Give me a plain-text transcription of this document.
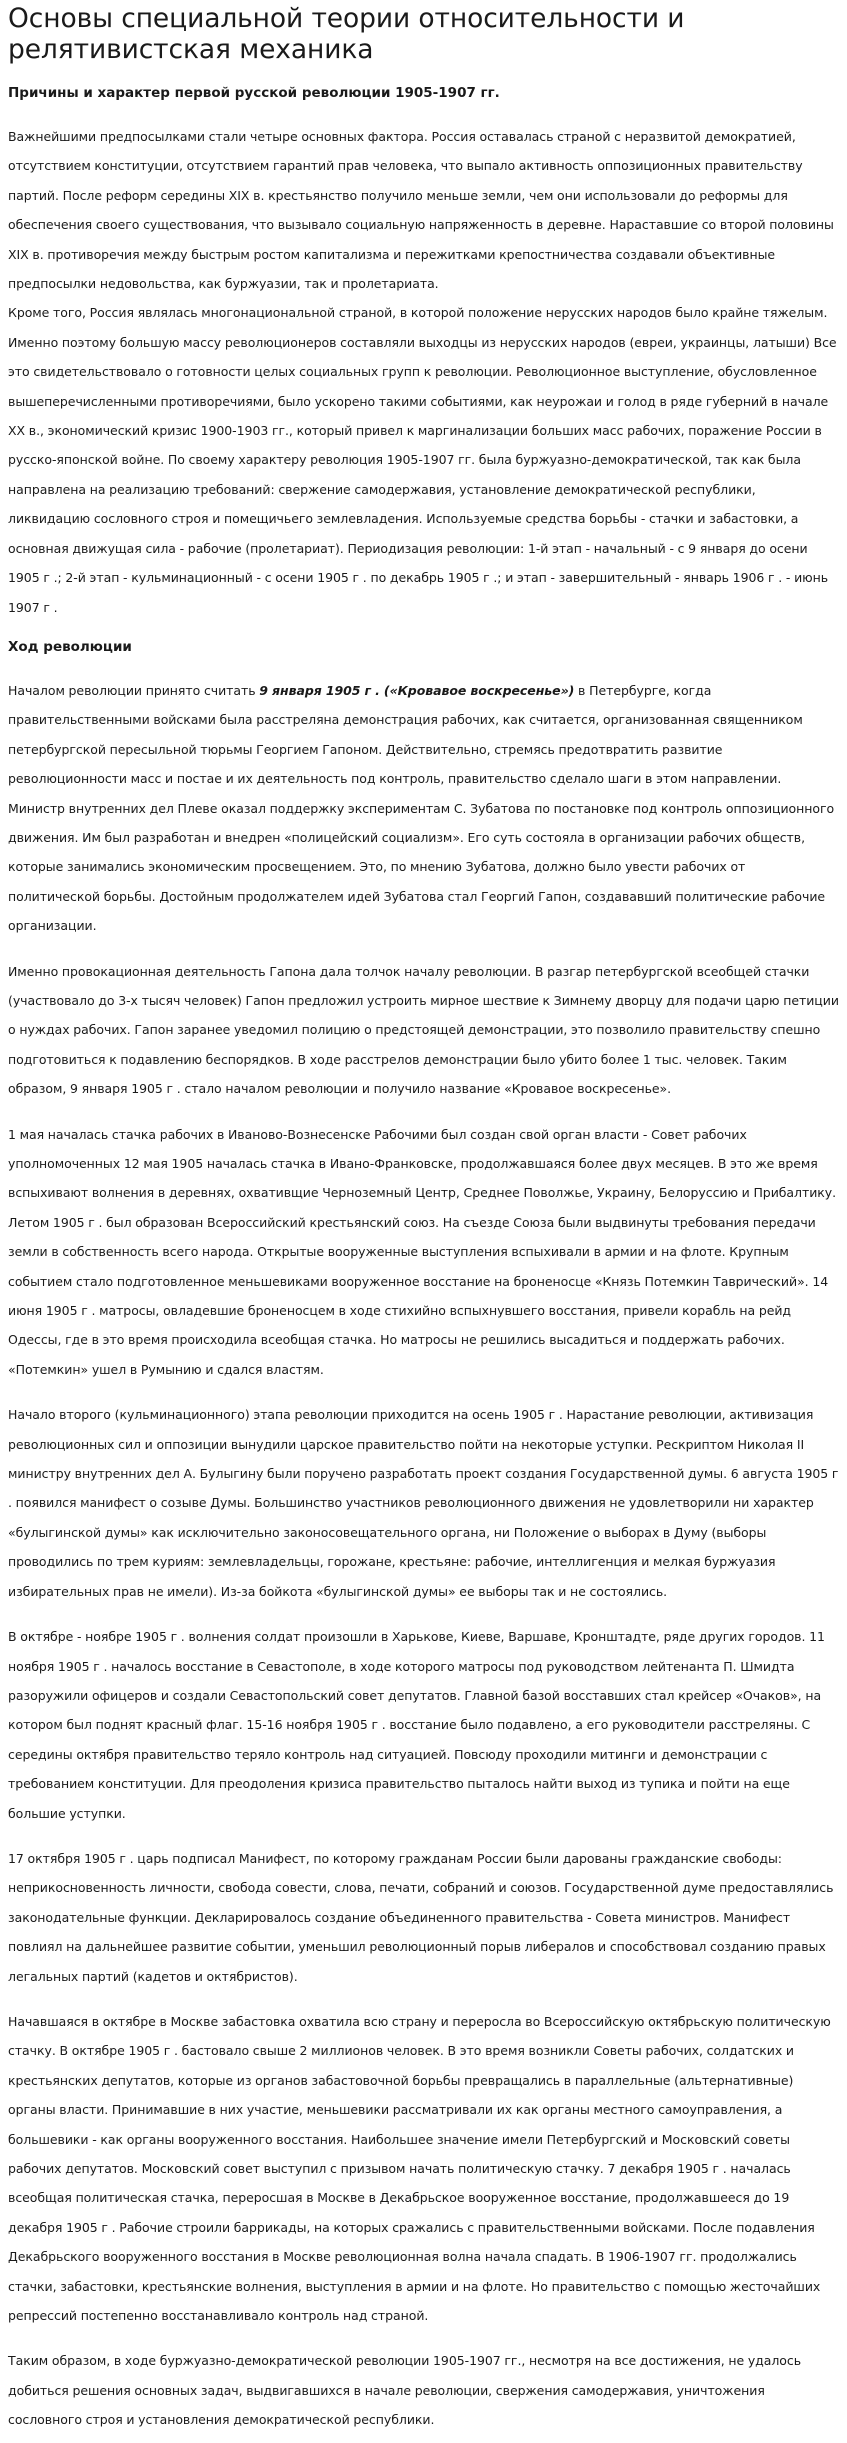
Основы специальной теории относительности и релятивистская механика
Причины и характер первой русской революции 1905-1907 гг.

Важнейшими предпосылками стали четыре основных фактора. Россия оставалась страной с неразвитой демократией, отсутствием конституции, отсутствием гарантий прав человека, что выпало активность оппозиционных правительству партий. После реформ середины XIX в. крестьянство получило меньше земли, чем они использовали до реформы для обеспечения своего существования, что вызывало социальную напряженность в деревне. Нараставшие со второй половины XIX в. противоречия между быстрым ростом капитализма и пережитками крепостничества создавали объективные предпосылки недовольства, как буржуазии, так и пролетариата.

Кроме того, Россия являлась многонациональной страной, в которой положение нерусских народов было крайне тяжелым. Именно поэтому большую массу революционеров составляли выходцы из нерусских народов (евреи, украинцы, латыши) Все это свидетельствовало о готовности целых социальных групп к революции. Революционное выступление, обусловленное вышеперечисленными противоречиями, было ускорено такими событиями, как неурожаи и голод в ряде губерний в начале XX в., экономический кризис 1900-1903 гг., который привел к маргинализации больших масс рабочих, поражение России в русско-японской войне. По своему характеру революция 1905-1907 гг. была буржуазно-демократической, так как была направлена на реализацию требований: свержение самодержавия, установление демократической республики, ликвидацию сословного строя и помещичьего землевладения. Используемые средства борьбы - стачки и забастовки, а основная движущая сила - рабочие (пролетариат). Периодизация революции: 1-й этап - начальный - с 9 января до осени 1905 г .; 2-й этап - кульминационный - с осени 1905 г . по декабрь 1905 г .; и этап - завершительный - январь 1906 г . - июнь 1907 г .

Ход революции

Началом революции принято считать 9 января 1905 г . («Кровавое воскресенье») в Петербурге, когда правительственными войсками была расстреляна демонстрация рабочих, как считается, организованная священником петербургской пересыльной тюрьмы Георгием Гапоном. Действительно, стремясь предотвратить развитие революционности масс и постае и их деятельность под контроль, правительство сделало шаги в этом направлении. Министр внутренних дел Плеве оказал поддержку экспериментам С. Зубатова по постановке под контроль оппозиционного движения. Им был разработан и внедрен «полицейский социализм». Его суть состояла в организации рабочих обществ, которые занимались экономическим просвещением. Это, по мнению Зубатова, должно было увести рабочих от политической борьбы. Достойным продолжателем идей Зубатова стал Георгий Гапон, создававший политические рабочие организации.

Именно провокационная деятельность Гапона дала толчок началу революции. В разгар петербургской всеобщей стачки (участвовало до 3-х тысяч человек) Гапон предложил устроить мирное шествие к Зимнему дворцу для подачи царю петиции о нуждах рабочих. Гапон заранее уведомил полицию о предстоящей демонстрации, это позволило правительству спешно подготовиться к подавлению беспорядков. В ходе расстрелов демонстрации было убито более 1 тыс. человек. Таким образом, 9 января 1905 г . стало началом революции и получило название «Кровавое воскресенье».

1 мая началась стачка рабочих в Иваново-Вознесенске Рабочими был создан свой орган власти - Совет рабочих уполномоченных 12 мая 1905 началась стачка в Ивано-Франковске, продолжавшаяся более двух месяцев. В это же время вспыхивают волнения в деревнях, охвативщие Черноземный Центр, Среднее Поволжье, Украину, Белоруссию и Прибалтику. Летом 1905 г . был образован Всероссийский крестьянский союз. На съезде Союза были выдвинуты требования передачи земли в собственность всего народа. Открытые вооруженные выступления вспыхивали в армии и на флоте. Крупным событием стало подготовленное меньшевиками вооруженное восстание на броненосце «Князь Потемкин Таврический». 14 июня 1905 г . матросы, овладевшие броненосцем в ходе стихийно вспыхнувшего восстания, привели корабль на рейд Одессы, где в это время происходила всеобщая стачка. Но матросы не решились высадиться и поддержать рабочих. «Потемкин» ушел в Румынию и сдался властям.

Начало второго (кульминационного) этапа революции приходится на осень 1905 г . Нарастание революции, активизация революционных сил и оппозиции вынудили царское правительство пойти на некоторые уступки. Рескриптом Николая II министру внутренних дел А. Булыгину были поручено разработать проект создания Государственной думы. 6 августа 1905 г . появился манифест о созыве Думы. Большинство участников революционного движения не удовлетворили ни характер «булыгинской думы» как исключительно законосовещательного органа, ни Положение о выборах в Думу (выборы проводились по трем куриям: землевладельцы, горожане, крестьяне: рабочие, интеллигенция и мелкая буржуазия избирательных прав не имели). Из-за бойкота «булыгинской думы» ее выборы так и не состоялись.

В октябре - ноябре 1905 г . волнения солдат произошли в Харькове, Киеве, Варшаве, Кронштадте, ряде других городов. 11 ноября 1905 г . началось восстание в Севастополе, в ходе которого матросы под руководством лейтенанта П. Шмидта разоружили офицеров и создали Севастопольский совет депутатов. Главной базой восставших стал крейсер «Очаков», на котором был поднят красный флаг. 15-16 ноября 1905 г . восстание было подавлено, а его руководители расстреляны. С середины октября правительство теряло контроль над ситуацией. Повсюду проходили митинги и демонстрации с требованием конституции. Для преодоления кризиса правительство пыталось найти выход из тупика и пойти на еще большие уступки.

17 октября 1905 г . царь подписал Манифест, по которому гражданам России были дарованы гражданские свободы: неприкосновенность личности, свобода совести, слова, печати, собраний и союзов. Государственной думе предоставлялись законодательные функции. Декларировалось создание объединенного правительства - Совета министров. Манифест повлиял на дальнейшее развитие событии, уменьшил революционный порыв либералов и способствовал созданию правых легальных партий (кадетов и октябристов).

Начавшаяся в октябре в Москве забастовка охватила всю страну и переросла во Всероссийскую октябрьскую политическую стачку. В октябре 1905 г . бастовало свыше 2 миллионов человек. В это время возникли Советы рабочих, солдатских и крестьянских депутатов, которые из органов забастовочной борьбы превращались в параллельные (альтернативные) органы власти. Принимавшие в них участие, меньшевики рассматривали их как органы местного самоуправления, а большевики - как органы вооруженного восстания. Наибольшее значение имели Петербургский и Московский советы рабочих депутатов. Московский совет выступил с призывом начать политическую стачку. 7 декабря 1905 г . началась всеобщая политическая стачка, переросшая в Москве в Декабрьское вооруженное восстание, продолжавшееся до 19 декабря 1905 г . Рабочие строили баррикады, на которых сражались с правительственными войсками. После подавления Декабрьского вооруженного восстания в Москве революционная волна начала спадать. В 1906-1907 гг. продолжались стачки, забастовки, крестьянские волнения, выступления в армии и на флоте. Но правительство с помощью жесточайших репрессий постепенно восстанавливало контроль над страной.

Таким образом, в ходе буржуазно-демократической революции 1905-1907 гг., несмотря на все достижения, не удалось добиться решения основных задач, выдвигавшихся в начале революции, свержения самодержавия, уничтожения сословного строя и установления демократической республики.
